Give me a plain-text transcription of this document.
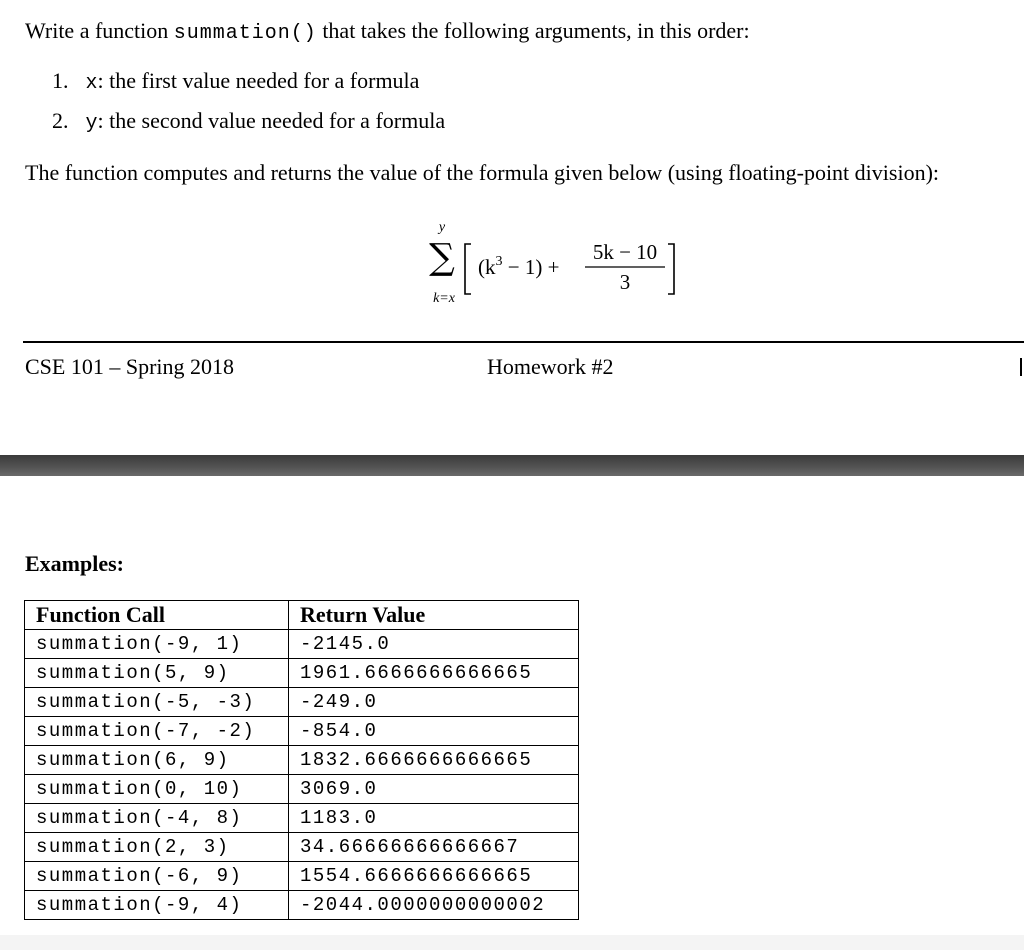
Write a function summation() that takes the following arguments, in this order:
1. x: the first value needed for a formula
2. y: the second value needed for a formula
The function computes and returns the value of the formula given below (using floating-point division):
y
∑
k=x
$(k^3 - 1)$ +
5k − 10
3
CSE 101 – Spring 2018	Homework #2
Examples:
Function Call	Return Value
summation(-9, 1)	-2145.0
summation(5, 9)	1961.6666666666665
summation(-5, -3)	-249.0
summation(-7, -2)	-854.0
summation(6, 9)	1832.6666666666665
summation(0, 10)	3069.0
summation(-4, 8)	1183.0
summation(2, 3)	34.66666666666667
summation(-6, 9)	1554.6666666666665
summation(-9, 4)	-2044.0000000000002
